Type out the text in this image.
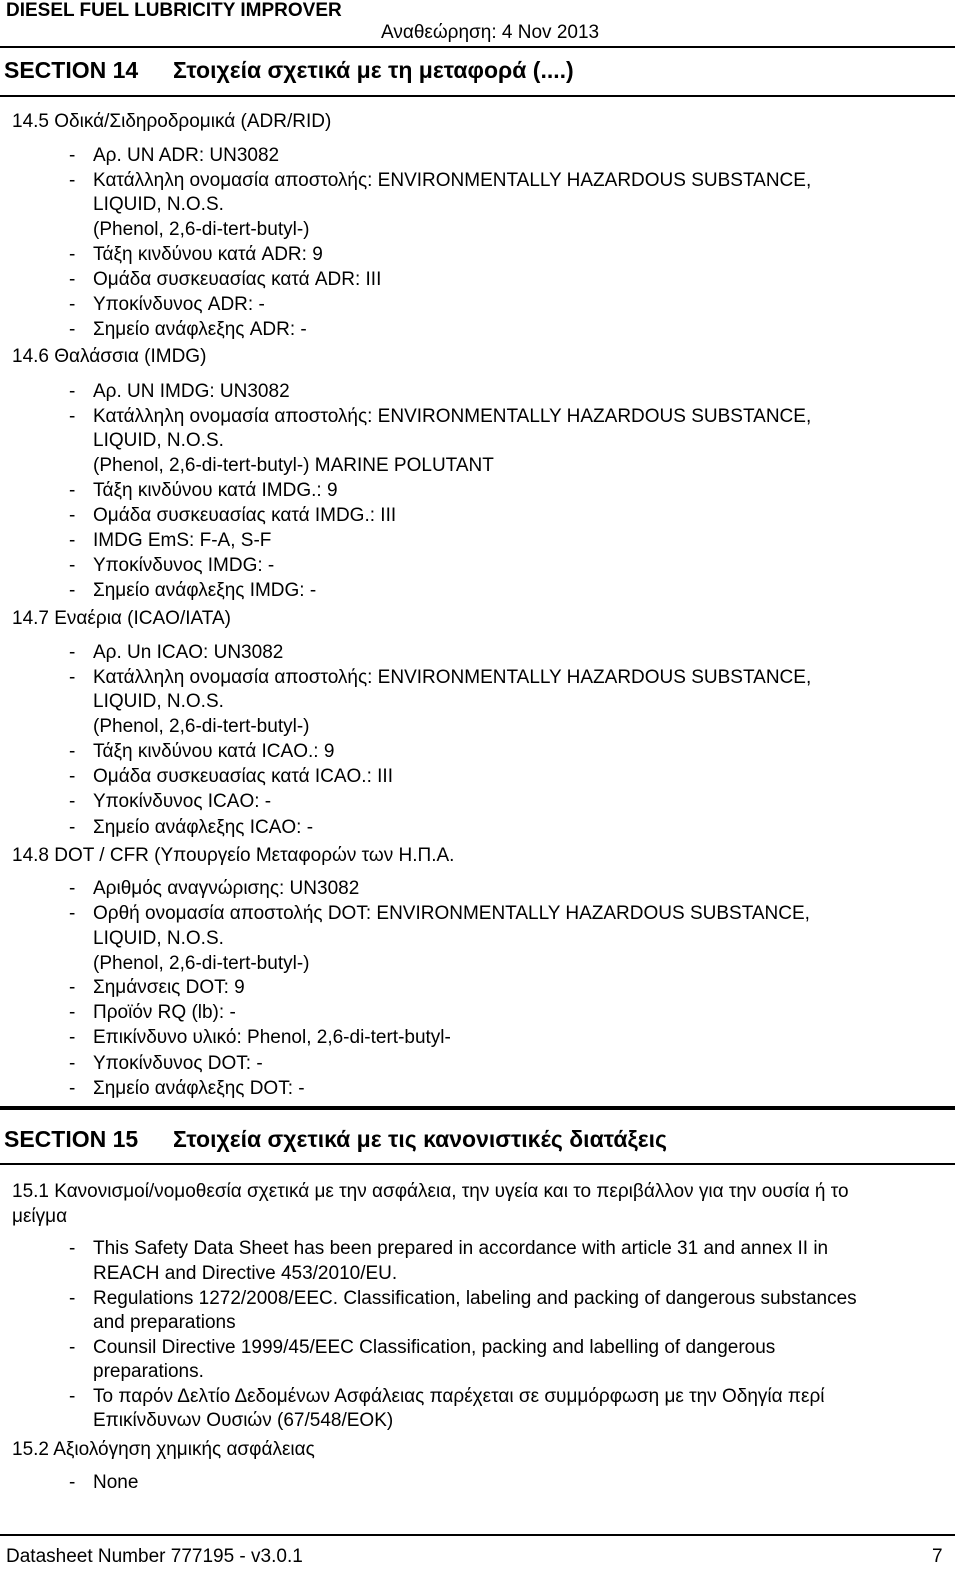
DIESEL FUEL LUBRICITY IMPROVER
Αναθεώρηση: 4 Nov 2013
SECTION 14 Στοιχεία σχετικά με τη μεταφορά (....)
14.5 Οδικά/Σιδηροδρομικά (ADR/RID)
- Αρ. UN ADR: UN3082
- Κατάλληλη ονομασία αποστολής: ENVIRONMENTALLY HAZARDOUS SUBSTANCE,
LIQUID, N.O.S.
(Phenol, 2,6-di-tert-butyl-)
- Τάξη κινδύνου κατά ADR: 9
- Ομάδα συσκευασίας κατά ADR: III
- Υποκίνδυνος ADR: -
- Σημείο ανάφλεξης ADR: -
14.6 Θαλάσσια (IMDG)
- Αρ. UN IMDG: UN3082
- Κατάλληλη ονομασία αποστολής: ENVIRONMENTALLY HAZARDOUS SUBSTANCE,
LIQUID, N.O.S.
(Phenol, 2,6-di-tert-butyl-) MARINE POLUTANT
- Τάξη κινδύνου κατά IMDG.: 9
- Ομάδα συσκευασίας κατά IMDG.: III
- IMDG EmS: F-A, S-F
- Υποκίνδυνος IMDG: -
- Σημείο ανάφλεξης IMDG: -
14.7 Εναέρια (ICAO/IATA)
- Αρ. Un ICAO: UN3082
- Κατάλληλη ονομασία αποστολής: ENVIRONMENTALLY HAZARDOUS SUBSTANCE,
LIQUID, N.O.S.
(Phenol, 2,6-di-tert-butyl-)
- Τάξη κινδύνου κατά ICAO.: 9
- Ομάδα συσκευασίας κατά ICAO.: III
- Υποκίνδυνος ICAO: -
- Σημείο ανάφλεξης ICAO: -
14.8 DOT / CFR (Υπουργείο Μεταφορών των Η.Π.Α.
- Αριθμός αναγνώρισης: UN3082
- Ορθή ονομασία αποστολής DOT: ENVIRONMENTALLY HAZARDOUS SUBSTANCE,
LIQUID, N.O.S.
(Phenol, 2,6-di-tert-butyl-)
- Σημάνσεις DOT: 9
- Προϊόν RQ (lb): -
- Επικίνδυνο υλικό: Phenol, 2,6-di-tert-butyl-
- Υποκίνδυνος DOT: -
- Σημείο ανάφλεξης DOT: -
SECTION 15 Στοιχεία σχετικά με τις κανονιστικές διατάξεις
15.1 Κανονισμοί/νομοθεσία σχετικά με την ασφάλεια, την υγεία και το περιβάλλον για την ουσία ή το
μείγμα
- This Safety Data Sheet has been prepared in accordance with article 31 and annex II in
REACH and Directive 453/2010/EU.
- Regulations 1272/2008/EEC. Classification, labeling and packing of dangerous substances
and preparations
- Counsil Directive 1999/45/EEC Classification, packing and labelling of dangerous
preparations.
- Το παρόν Δελτίο Δεδομένων Ασφάλειας παρέχεται σε συμμόρφωση με την Οδηγία περί
Επικίνδυνων Ουσιών (67/548/ΕΟΚ)
15.2 Αξιολόγηση χημικής ασφάλειας
- None
Datasheet Number 777195 - v3.0.1	7
